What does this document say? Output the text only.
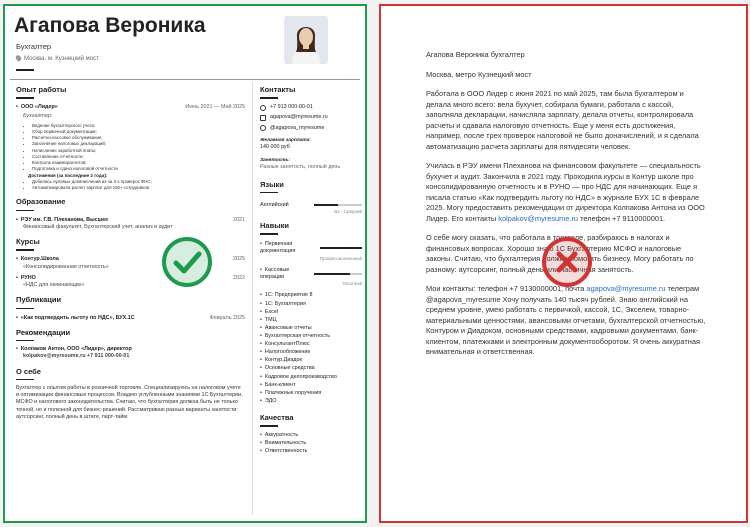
Агапова Вероника
Бухгалтер
Москва, м. Кузнецкий мост
Опыт работы
• ООО «Лидер»	Июнь 2021 — Май 2025
Бухгалтер:
• Ведение бухгалтерского учета;
• Сбор первичной документации;
• Расчетно-кассовое обслуживание;
• Заполнение налоговых деклараций;
• Начисление заработной платы;
• Составление отчетности;
• Контроль взаиморасчетов;
• Подготовка и сдача налоговой отчетности
Достижения (за последние 2 года):
• Добилась нулевых доначислений из-за 3-х проверок ФНС;
• Автоматизировала расчет зарплат для 150+ сотрудников
Образование
• РЭУ им. Г.В. Плеханова, Высшее	2021
Финансовый факультет, Бухгалтерский учет, анализ и аудит
Курсы
• Контур.Школа	2025
«Консолидированная отчетность»
• РУНО	2022
«НДС для начинающих»
Публикации
• «Как подтвердить льготу по НДС», БУХ.1С	Февраль 2025
Рекомендации
• Колпаков Антон, ООО «Лидер», директор
kolpakov@myresume.ru +7 911 000-00-01
О себе
Бухгалтер с опытом работы в розничной торговле. Специализируюсь на налоговом учете и оптимизации финансовых процессов. Владею углубленными знаниями 1С:Бухгалтерии, МСФО и налогового законодательства. Считаю, что бухгалтерия должна быть не только точной, но и полезной для бизнес-решений. Рассматриваю разные варианты занятости: аутсорсинг, полный день в штате, парт-тайм.
Контакты
+7 913 000-00-01
agapova@myresume.ru
@agapova_myresume
Желаемая зарплата:
140 000 руб
Занятость:
Разные занятость, полный день
Языки
Английский
B1 - Средний
Навыки
• Первичная документация
Профессиональный
• Кассовые операции
Опытный
• 1С: Предприятие 8
• 1С: Бухгалтерия
• Excel
• ТМЦ
• Авансовые отчеты
• Бухгалтерская отчетность
• КонсультантПлюс
• Налогообложение
• Контур.Диадок
• Основные средства
• Кадровое делопроизводство
• Банк-клиент
• Платежные поручения
• ЭДО
Качества
• Аккуратность
• Внимательность
• Ответственность

Агапова Вероника бухгалтер

Москва, метро Кузнецкий мост

Работала в ООО Лидер с июня 2021 по май 2025, там была бухгалтером и делала много всего: вела бухучет, собирала бумаги, работала с кассой, заполняла декларации, начисляла зарплату, делала отчеты, контролировала расчеты и сдавала налоговую отчетность. Еще у меня есть достижения, например, после трех проверок налоговой не было доначислений, и я сделала автоматизацию расчета зарплаты для пятидесяти человек.

Училась в РЭУ имени Плеханова на финансовом факультете — специальность бухучет и аудит. Закончила в 2021 году. Проходила курсы в Контур школе про консолидированную отчетность и в РУНО — про НДС для начинающих. Еще я писала статью «Как подтвердить льготу по НДС» в журнале БУХ 1С в феврале 2025. Могу предоставить рекомендации от директора Колпакова Антона из ООО Лидер. Его контакты kolpakov@myresume.ru телефон +7 9110000001.

О себе могу сказать, что работала в торговле, разбираюсь в налогах и финансовых вопросах. Хорошо знаю 1С Бухгалтерию МСФО и налоговые законы. Считаю, что бухгалтерия должна помогать бизнесу. Могу работать по разному: аутсорсинг, полный день или частичная занятость.

Мои контакты: телефон +7 9130000001, почта agapova@myresume.ru телеграм @agapova_myresume Хочу получать 140 тысяч рублей. Знаю английский на среднем уровне, умею работать с первичкой, кассой, 1С, Экселем, товарно-материальными ценностями, авансовыми отчетами, бухгалтерской отчетностью, Контуром и Диадоком, основными средствами, кадровыми документами, банк-клиентом, платежками и электронным документооборотом. Я очень аккуратная внимательная и ответственная.
